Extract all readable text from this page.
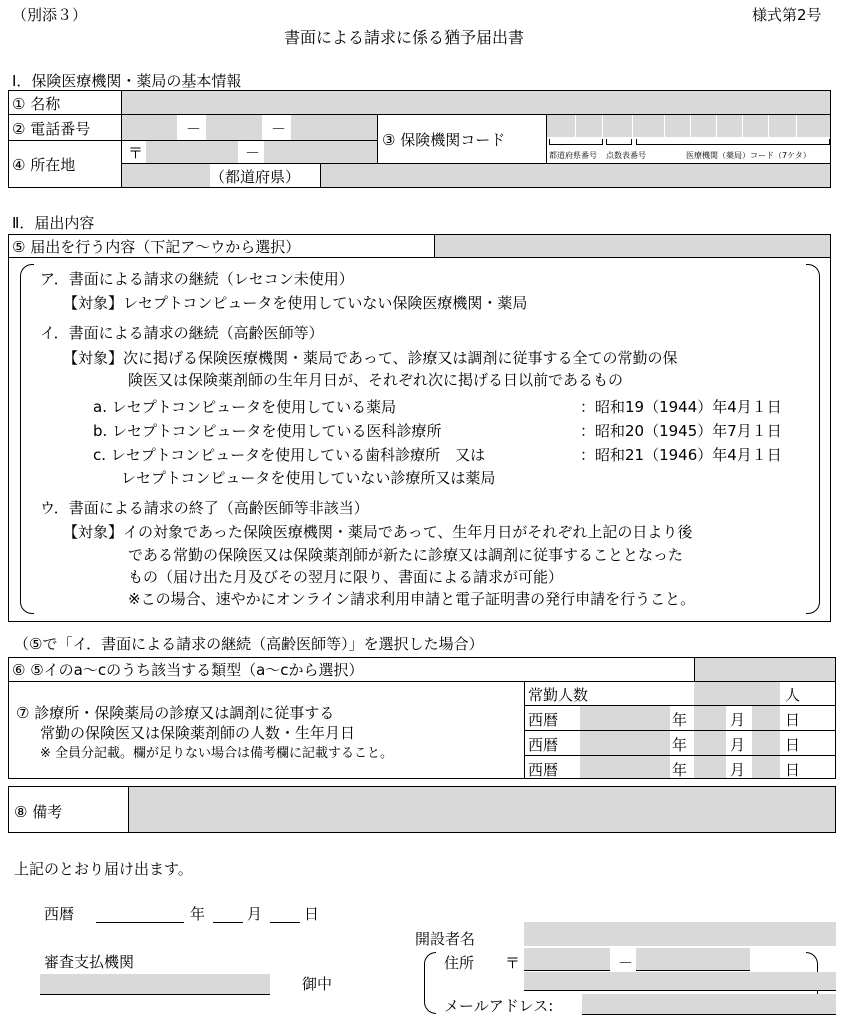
（別添３）	様式第2号
書面による請求に係る猶予届出書
Ⅰ．保険医療機関・薬局の基本情報
① 名称
② 電話番号	－	－
④ 所在地
〒	－
（都道府県）
③ 保険機関コード
都道府県番号 点数表番号	医療機関（薬局）コード（7ケタ）
Ⅱ．届出内容
⑤ 届出を行う内容（下記ア～ウから選択）
ア．書面による請求の継続（レセコン未使用）
【対象】レセプトコンピュータを使用していない保険医療機関・薬局
イ．書面による請求の継続（高齢医師等）
【対象】次に掲げる保険医療機関・薬局であって、診療又は調剤に従事する全ての常勤の保
険医又は保険薬剤師の生年月日が、それぞれ次に掲げる日以前であるもの
a. レセプトコンピュータを使用している薬局	：昭和19（1944）年4月１日
b. レセプトコンピュータを使用している医科診療所	：昭和20（1945）年7月１日
c. レセプトコンピュータを使用している歯科診療所　又は	：昭和21（1946）年4月１日
レセプトコンピュータを使用していない診療所又は薬局
ウ．書面による請求の終了（高齢医師等非該当）
【対象】イの対象であった保険医療機関・薬局であって、生年月日がそれぞれ上記の日より後
である常勤の保険医又は保険薬剤師が新たに診療又は調剤に従事することとなった
もの（届け出た月及びその翌月に限り、書面による請求が可能）
※この場合、速やかにオンライン請求利用申請と電子証明書の発行申請を行うこと。
（⑤で「イ．書面による請求の継続（高齢医師等）」を選択した場合）
⑥ ⑤イのa～cのうち該当する類型（a～cから選択）
⑦ 診療所・保険薬局の診療又は調剤に従事する
常勤の保険医又は保険薬剤師の人数・生年月日
※ 全員分記載。欄が足りない場合は備考欄に記載すること。
常勤人数	人
西暦	年	月	日
西暦	年	月	日
西暦	年	月	日
⑧ 備考
上記のとおり届け出ます。
西暦	年	月	日
開設者名
審査支払機関
御中
住所 〒	－
メールアドレス:
